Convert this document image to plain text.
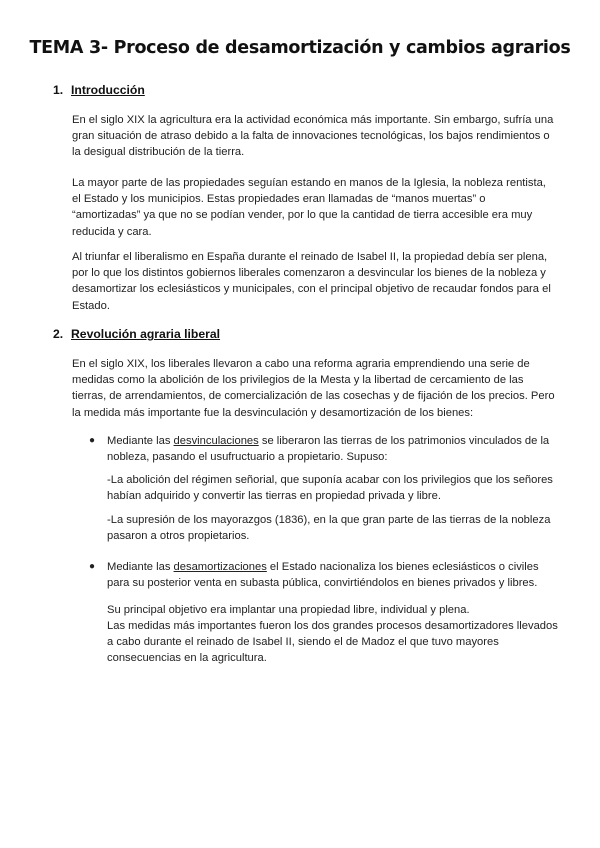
TEMA 3- Proceso de desamortización y cambios agrarios
1. Introducción

En el siglo XIX la agricultura era la actividad económica más importante. Sin embargo, sufría una gran situación de atraso debido a la falta de innovaciones tecnológicas, los bajos rendimientos o la desigual distribución de la tierra.

La mayor parte de las propiedades seguían estando en manos de la Iglesia, la nobleza rentista, el Estado y los municipios. Estas propiedades eran llamadas de “manos muertas” o “amortizadas” ya que no se podían vender, por lo que la cantidad de tierra accesible era muy reducida y cara.

Al triunfar el liberalismo en España durante el reinado de Isabel II, la propiedad debía ser plena, por lo que los distintos gobiernos liberales comenzaron a desvincular los bienes de la nobleza y desamortizar los eclesiásticos y municipales, con el principal objetivo de recaudar fondos para el Estado.

2. Revolución agraria liberal

En el siglo XIX, los liberales llevaron a cabo una reforma agraria emprendiendo una serie de medidas como la abolición de los privilegios de la Mesta y la libertad de cercamiento de las tierras, de arrendamientos, de comercialización de las cosechas y de fijación de los precios. Pero la medida más importante fue la desvinculación y desamortización de los bienes:

● Mediante las desvinculaciones se liberaron las tierras de los patrimonios vinculados de la nobleza, pasando el usufructuario a propietario. Supuso:

-La abolición del régimen señorial, que suponía acabar con los privilegios que los señores habían adquirido y convertir las tierras en propiedad privada y libre.

-La supresión de los mayorazgos (1836), en la que gran parte de las tierras de la nobleza pasaron a otros propietarios.

● Mediante las desamortizaciones el Estado nacionaliza los bienes eclesiásticos o civiles para su posterior venta en subasta pública, convirtiéndolos en bienes privados y libres.

Su principal objetivo era implantar una propiedad libre, individual y plena.

Las medidas más importantes fueron los dos grandes procesos desamortizadores llevados a cabo durante el reinado de Isabel II, siendo el de Madoz el que tuvo mayores consecuencias en la agricultura.
